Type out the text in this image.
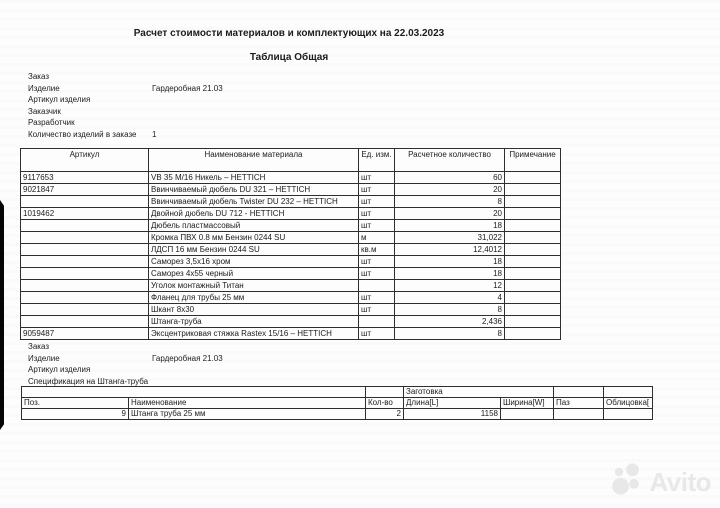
Расчет стоимости материалов и комплектующих на 22.03.2023
Таблица Общая
Заказ
Изделие	Гардеробная 21.03
Артикул изделия
Заказчик
Разработчик
Количество изделий в заказе	1
Артикул	Наименование материала	Ед. изм.	Расчетное количество	Примечание
9117653	VB 35 М/16 Никель – HETTICH	шт	60	
9021847	Ввинчиваемый дюбель DU 321 – HETTICH	шт	20	
	Ввинчиваемый дюбель Twister DU 232 – HETTICH	шт	8	
1019462	Двойной дюбель DU 712 - HETTICH	шт	20	
	Дюбель пластмассовый	шт	18	
	Кромка ПВХ 0.8 мм Бензин 0244 SU	м	31,022	
	ЛДСП 16 мм Бензин 0244 SU	кв.м	12,4012	
	Саморез 3,5х16 хром	шт	18	
	Саморез 4х55 черный	шт	18	
	Уголок монтажный Титан		12	
	Фланец для трубы 25 мм	шт	4	
	Шкант 8х30	шт	8	
	Штанга-труба		2,436	
9059487	Эксцентриковая стяжка Rastex 15/16 – HETTICH	шт	8	
Заказ
Изделие	Гардеробная 21.03
Артикул изделия
Спецификация на Штанга-труба
			Заготовка			
Поз.	Наименование	Кол-во	Длина[L]	Ширина[W]	Паз	Облицовка[
9	Штанга труба 25 мм	2	1158			
Avito
